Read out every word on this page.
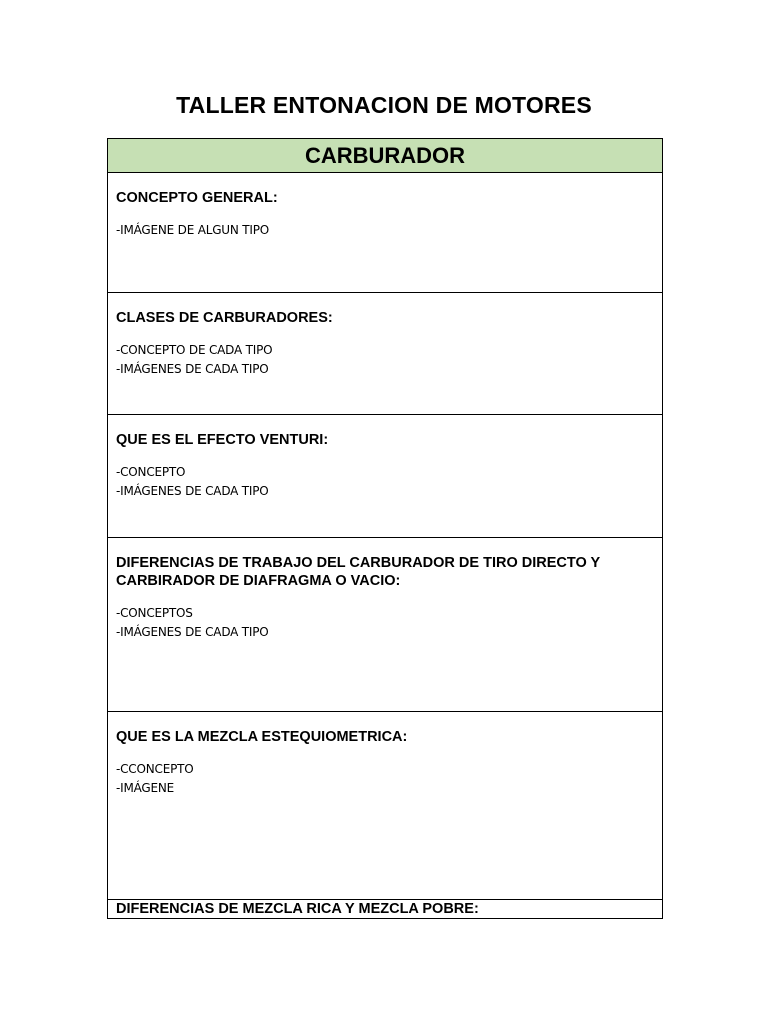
TALLER ENTONACION DE MOTORES
CARBURADOR
CONCEPTO GENERAL:
-IMÁGENE DE ALGUN TIPO
CLASES DE CARBURADORES:
-CONCEPTO DE CADA TIPO
-IMÁGENES DE CADA TIPO
QUE ES EL EFECTO VENTURI:
-CONCEPTO
-IMÁGENES DE CADA TIPO
DIFERENCIAS DE TRABAJO DEL CARBURADOR DE TIRO DIRECTO Y
CARBIRADOR DE DIAFRAGMA O VACIO:
-CONCEPTOS
-IMÁGENES DE CADA TIPO
QUE ES LA MEZCLA ESTEQUIOMETRICA:
-CCONCEPTO
-IMÁGENE
DIFERENCIAS DE MEZCLA RICA Y MEZCLA POBRE:
